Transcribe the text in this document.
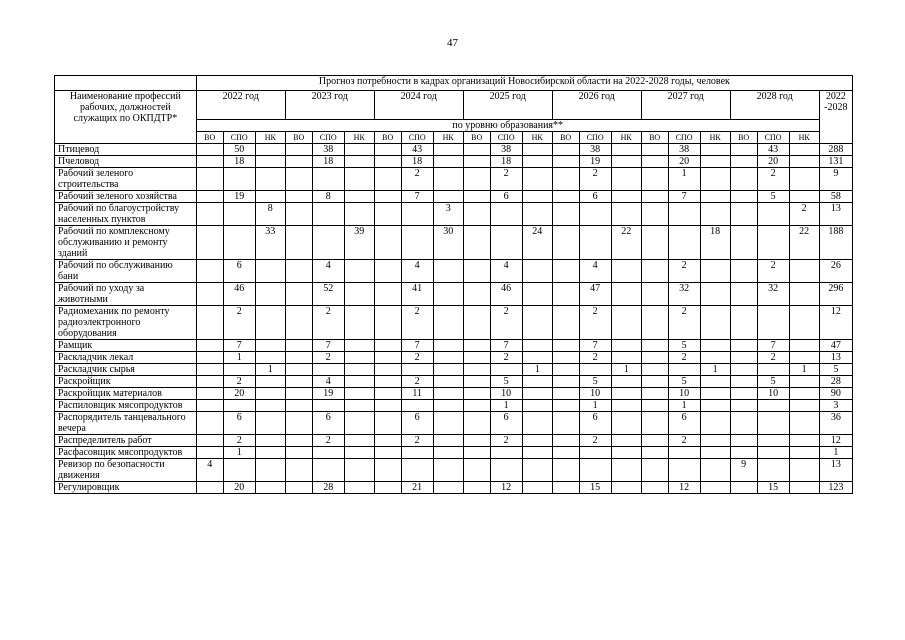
47
	Прогноз потребности в кадрах организаций Новосибирской области на 2022-2028 годы, человек																					
Наименование профессий рабочих, должностей служащих по ОКПДТР*	2022 год			2023 год			2024 год			2025 год			2026 год			2027 год			2028 год			2022 -2028
	по уровню образования**																					
	ВО	СПО	НК	ВО	СПО	НК	ВО	СПО	НК	ВО	СПО	НК	ВО	СПО	НК	ВО	СПО	НК	ВО	СПО	НК	
Птицевод		50			38			43			38			38			38			43		288
Пчеловод		18			18			18			18			19			20			20		131
Рабочий зеленого строительства								2			2			2			1			2		9
Рабочий зеленого хозяйства		19			8			7			6			6			7			5		58
Рабочий по благоустройству населенных пунктов			8						3												2	13
Рабочий по комплексному обслуживанию и ремонту зданий			33			39			30			24			22			18			22	188
Рабочий по обслуживанию бани		6			4			4			4			4			2			2		26
Рабочий по уходу за животными		46			52			41			46			47			32			32		296
Радиомеханик по ремонту радиоэлектронного оборудования		2			2			2			2			2			2					12
Рамщик		7			7			7			7			7			5			7		47
Раскладчик лекал		1			2			2			2			2			2			2		13
Раскладчик сырья			1									1			1			1			1	5
Раскройщик		2			4			2			5			5			5			5		28
Раскройщик материалов		20			19			11			10			10			10			10		90
Распиловщик мясопродуктов											1			1			1					3
Распорядитель танцевального вечера		6			6			6			6			6			6					36
Распределитель работ		2			2			2			2			2			2					12
Расфасовщик мясопродуктов		1																				1
Ревизор по безопасности движения	4																		9			13
Регулировщик		20			28			21			12			15			12			15		123
